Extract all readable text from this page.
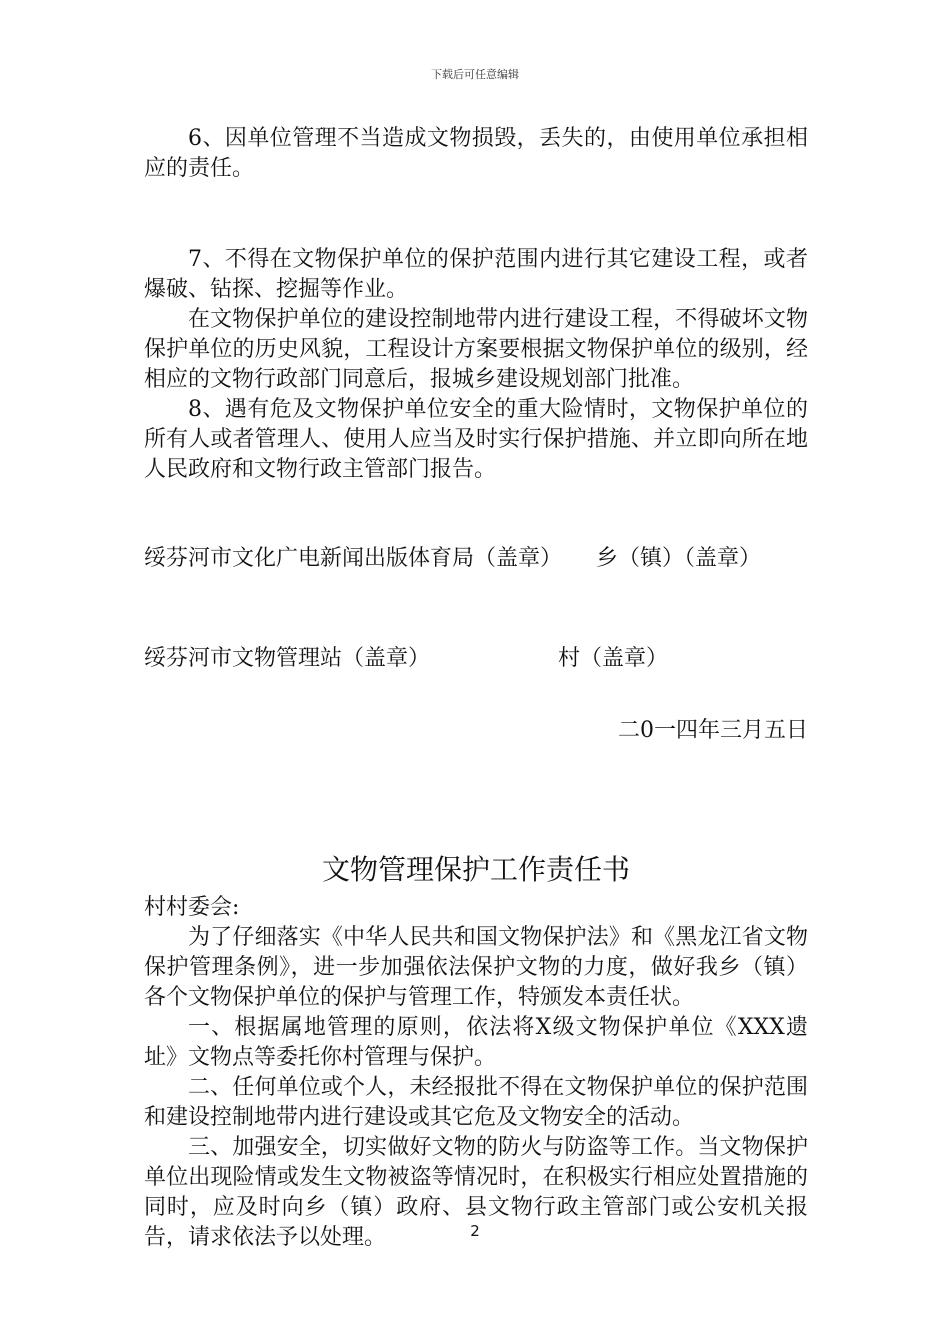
下载后可任意编辑

6、因单位管理不当造成文物损毁，丢失的，由使用单位承担相应的责任。

7、不得在文物保护单位的保护范围内进行其它建设工程，或者爆破、钻探、挖掘等作业。

在文物保护单位的建设控制地带内进行建设工程，不得破坏文物保护单位的历史风貌，工程设计方案要根据文物保护单位的级别，经相应的文物行政部门同意后，报城乡建设规划部门批准。

8、遇有危及文物保护单位安全的重大险情时，文物保护单位的所有人或者管理人、使用人应当及时实行保护措施、并立即向所在地人民政府和文物行政主管部门报告。

绥芬河市文化广电新闻出版体育局（盖章） 乡（镇）（盖章）

绥芬河市文物管理站（盖章）	村（盖章）

二0一四年三月五日

文物管理保护工作责任书

村村委会:

为了仔细落实《中华人民共和国文物保护法》和《黑龙江省文物保护管理条例》，进一步加强依法保护文物的力度，做好我乡（镇）各个文物保护单位的保护与管理工作，特颁发本责任状。

一、根据属地管理的原则，依法将X级文物保护单位《XXX遗址》文物点等委托你村管理与保护。

二、任何单位或个人，未经报批不得在文物保护单位的保护范围和建设控制地带内进行建设或其它危及文物安全的活动。

三、加强安全，切实做好文物的防火与防盗等工作。当文物保护单位出现险情或发生文物被盗等情况时，在积极实行相应处置措施的同时，应及时向乡（镇）政府、县文物行政主管部门或公安机关报告，请求依法予以处理。	2
